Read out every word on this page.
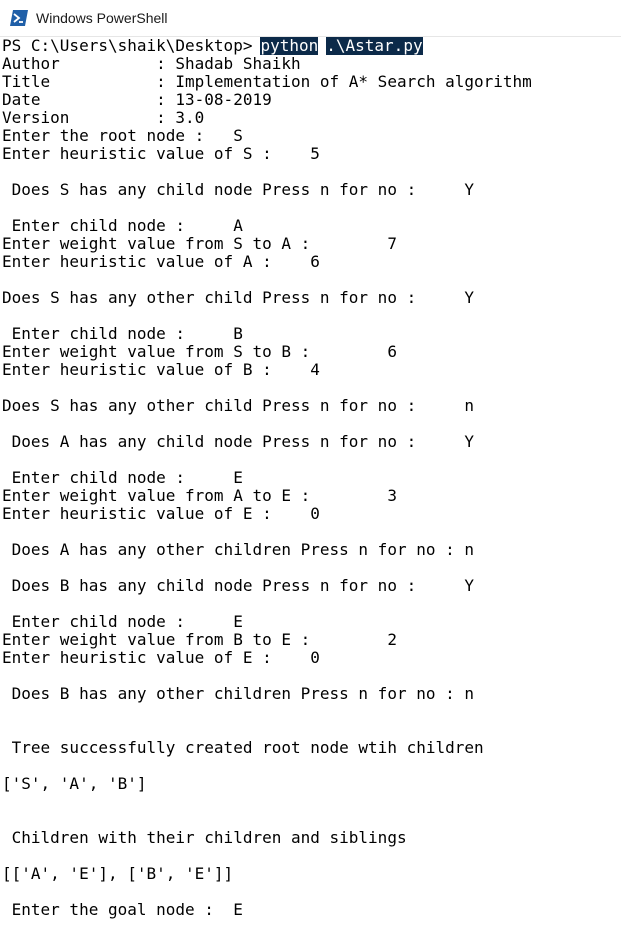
Windows PowerShell
PS C:\Users\shaik\Desktop> python .\Astar.py
Author          : Shadab Shaikh
Title           : Implementation of A* Search algorithm
Date            : 13-08-2019
Version         : 3.0
Enter the root node :   S
Enter heuristic value of S :    5
Does S has any child node Press n for no :     Y
Enter child node :     A
Enter weight value from S to A :        7
Enter heuristic value of A :    6
Does S has any other child Press n for no :     Y
Enter child node :     B
Enter weight value from S to B :        6
Enter heuristic value of B :    4
Does S has any other child Press n for no :     n
Does A has any child node Press n for no :     Y
Enter child node :     E
Enter weight value from A to E :        3
Enter heuristic value of E :    0
Does A has any other children Press n for no : n
Does B has any child node Press n for no :     Y
Enter child node :     E
Enter weight value from B to E :        2
Enter heuristic value of E :    0
Does B has any other children Press n for no : n
Tree successfully created root node wtih children
['S', 'A', 'B']
Children with their children and siblings
[['A', 'E'], ['B', 'E']]
Enter the goal node :  E
